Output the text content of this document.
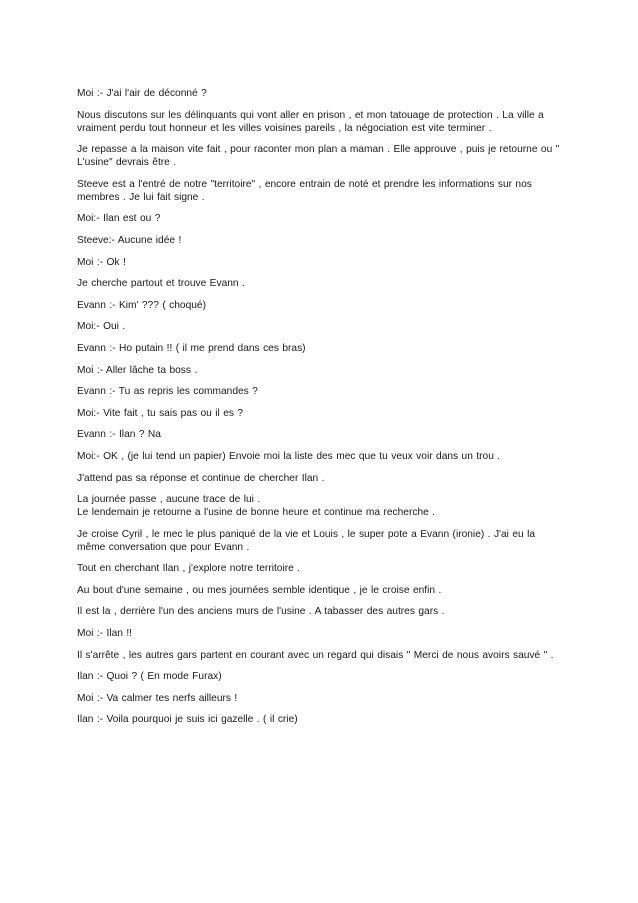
Moi :- J'ai l'air de déconné ?

Nous discutons sur les délinquants qui vont aller en prison , et mon tatouage de protection . La ville a vraiment perdu tout honneur et les villes voisines pareils , la négociation est vite terminer .

Je repasse a la maison vite fait , pour raconter mon plan a maman . Elle approuve , puis je retourne ou " L'usine" devrais être .

Steeve est a l'entré de notre "territoire" , encore entrain de noté et prendre les informations sur nos membres . Je lui fait signe .

Moi:- Ilan est ou ?

Steeve:- Aucune idée !

Moi :- Ok !

Je cherche partout et trouve Evann .

Evann :- Kim' ??? ( choqué)

Moi:- Oui .

Evann :- Ho putain !! ( il me prend dans ces bras)

Moi :- Aller lâche ta boss .

Evann :- Tu as repris les commandes ?

Moi:- Vite fait , tu sais pas ou il es ?

Evann :- Ilan ? Na

Moi:- OK , (je lui tend un papier) Envoie moi la liste des mec que tu veux voir dans un trou .

J'attend pas sa réponse et continue de chercher Ilan .

La journée passe , aucune trace de lui .
Le lendemain je retourne a l'usine de bonne heure et continue ma recherche .

Je croise Cyril , le mec le plus paniqué de la vie et Louis , le super pote a Evann (ironie) . J'ai eu la même conversation que pour Evann .

Tout en cherchant Ilan , j'explore notre territoire .

Au bout d'une semaine , ou mes journées semble identique , je le croise enfin .

Il est la , derrière l'un des anciens murs de l'usine . A tabasser des autres gars .

Moi :- Ilan !!

Il s'arrête , les autres gars partent en courant avec un regard qui disais " Merci de nous avoirs sauvé " .

Ilan :- Quoi ? ( En mode Furax)

Moi :- Va calmer tes nerfs ailleurs !

Ilan :- Voila pourquoi je suis ici gazelle . ( il crie)
